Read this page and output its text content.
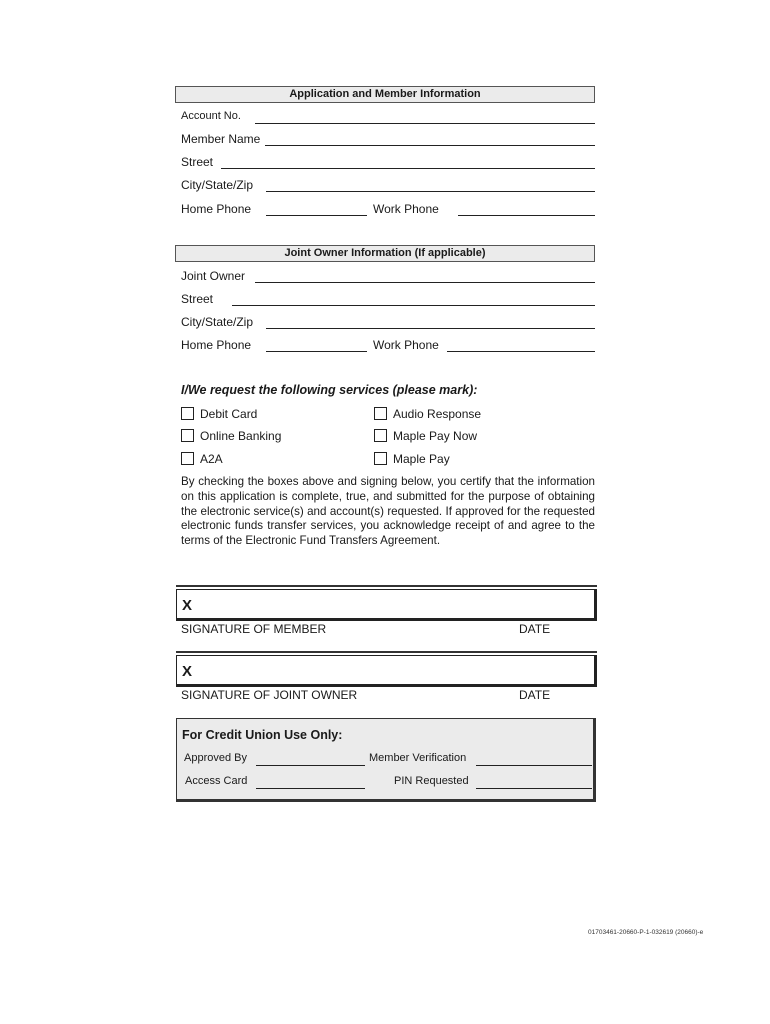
Application and Member Information
Account No.
Member Name
Street
City/State/Zip
Home Phone	Work Phone
Joint Owner Information (If applicable)
Joint Owner
Street
City/State/Zip
Home Phone	Work Phone
I/We request the following services (please mark):
Debit Card	Audio Response
Online Banking	Maple Pay Now
A2A	Maple Pay
By checking the boxes above and signing below, you certify that the information on this application is complete, true, and submitted for the purpose of obtaining the electronic service(s) and account(s) requested. If approved for the requested electronic funds transfer services, you acknowledge receipt of and agree to the terms of the Electronic Fund Transfers Agreement.
X
SIGNATURE OF MEMBER	DATE
X
SIGNATURE OF JOINT OWNER	DATE
For Credit Union Use Only:
Approved By	Member Verification
Access Card	PIN Requested
01703461-20660-P-1-032619 (20660)-e
